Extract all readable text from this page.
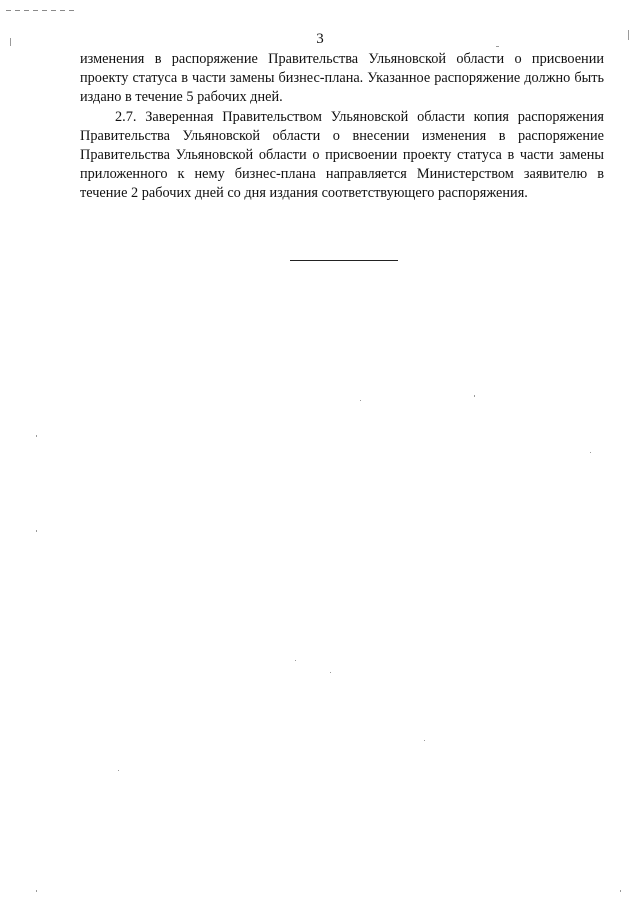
3

изменения в распоряжение Правительства Ульяновской области о присвоении проекту статуса в части замены бизнес-плана. Указанное распоряжение должно быть издано в течение 5 рабочих дней.

2.7. Заверенная Правительством Ульяновской области копия распоряжения Правительства Ульяновской области о внесении изменения в распоряжение Правительства Ульяновской области о присвоении проекту статуса в части замены приложенного к нему бизнес-плана направляется Министерством заявителю в течение 2 рабочих дней со дня издания соответствующего распоряжения.
